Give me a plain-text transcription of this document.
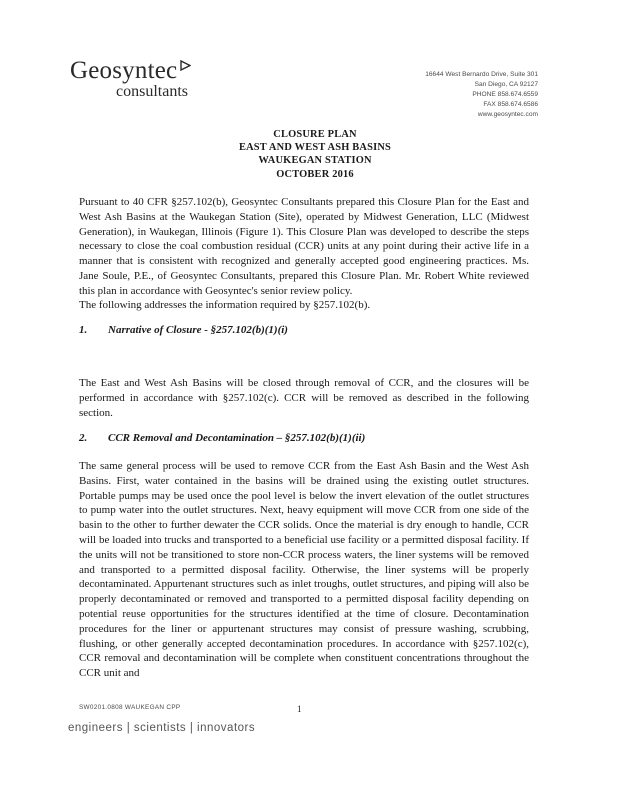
Geosyntec
consultants
16644 West Bernardo Drive, Suite 301
San Diego, CA 92127
PHONE 858.674.6559
FAX 858.674.6586
www.geosyntec.com
CLOSURE PLAN
EAST AND WEST ASH BASINS
WAUKEGAN STATION
OCTOBER 2016

Pursuant to 40 CFR §257.102(b), Geosyntec Consultants prepared this Closure Plan for the East and West Ash Basins at the Waukegan Station (Site), operated by Midwest Generation, LLC (Midwest Generation), in Waukegan, Illinois (Figure 1). This Closure Plan was developed to describe the steps necessary to close the coal combustion residual (CCR) units at any point during their active life in a manner that is consistent with recognized and generally accepted good engineering practices. Ms. Jane Soule, P.E., of Geosyntec Consultants, prepared this Closure Plan. Mr. Robert White reviewed this plan in accordance with Geosyntec's senior review policy.

The following addresses the information required by §257.102(b).

1. Narrative of Closure - §257.102(b)(1)(i)

The East and West Ash Basins will be closed through removal of CCR, and the closures will be performed in accordance with §257.102(c). CCR will be removed as described in the following section.

2. CCR Removal and Decontamination – §257.102(b)(1)(ii)

The same general process will be used to remove CCR from the East Ash Basin and the West Ash Basins. First, water contained in the basins will be drained using the existing outlet structures. Portable pumps may be used once the pool level is below the invert elevation of the outlet structures to pump water into the outlet structures. Next, heavy equipment will move CCR from one side of the basin to the other to further dewater the CCR solids. Once the material is dry enough to handle, CCR will be loaded into trucks and transported to a beneficial use facility or a permitted disposal facility. If the units will not be transitioned to store non-CCR process waters, the liner systems will be removed and transported to a permitted disposal facility. Otherwise, the liner systems will be properly decontaminated. Appurtenant structures such as inlet troughs, outlet structures, and piping will also be properly decontaminated or removed and transported to a permitted disposal facility depending on potential reuse opportunities for the structures identified at the time of closure. Decontamination procedures for the liner or appurtenant structures may consist of pressure washing, scrubbing, flushing, or other generally accepted decontamination procedures. In accordance with §257.102(c), CCR removal and decontamination will be complete when constituent concentrations throughout the CCR unit and

SW0201.0808 WAUKEGAN CPP	1
engineers | scientists | innovators
